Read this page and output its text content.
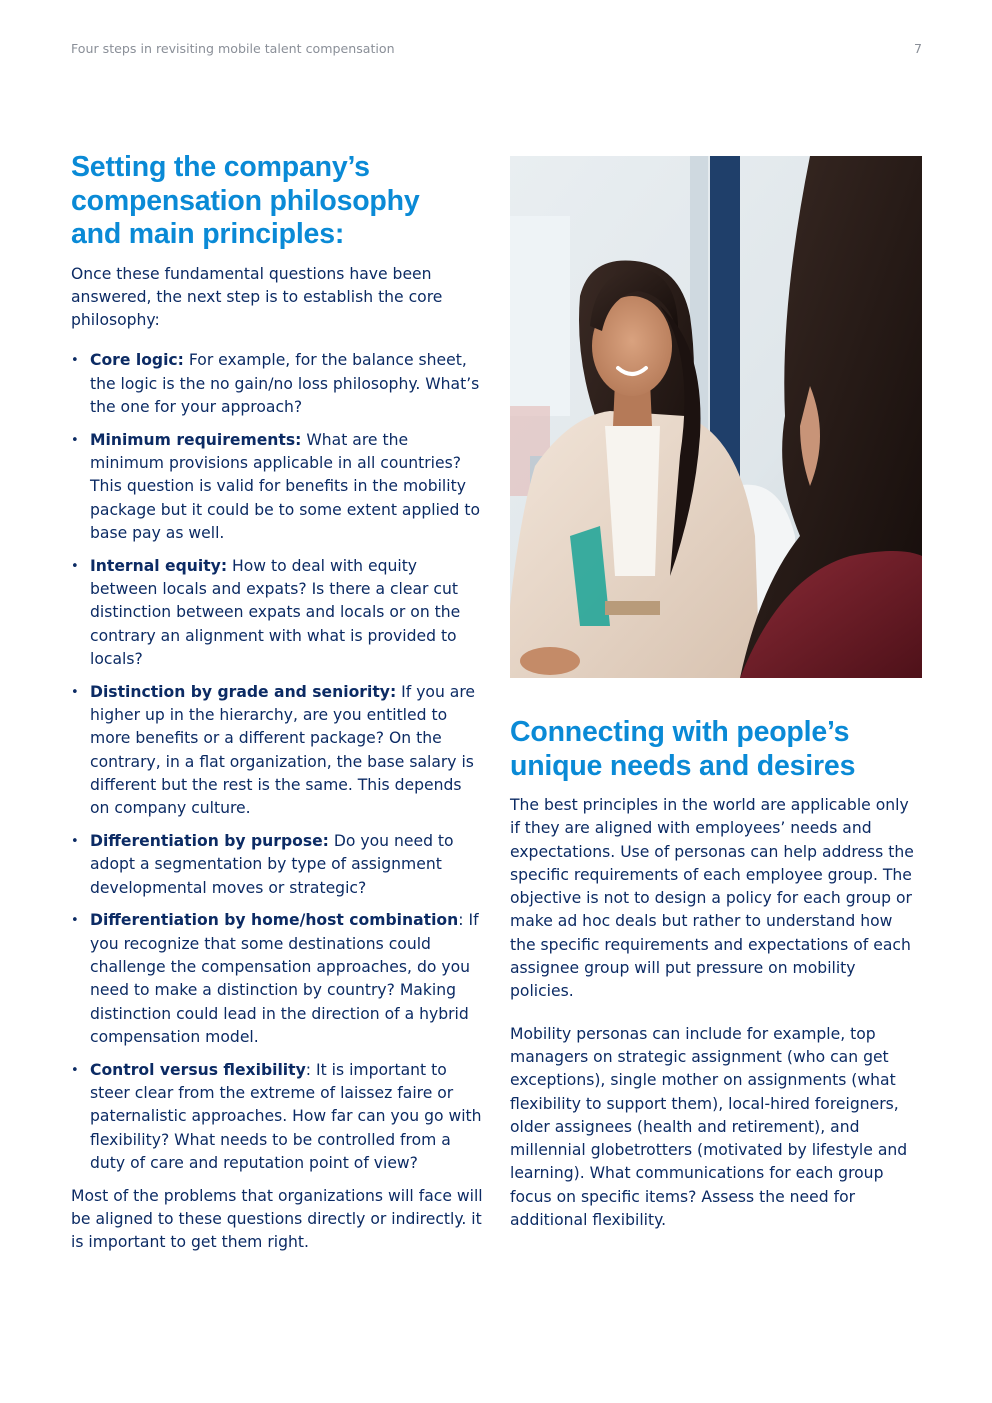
Four steps in revisiting mobile talent compensation	7
Setting the company’s
compensation philosophy
and main principles:

Once these fundamental questions have been answered, the next step is to establish the core philosophy:

• Core logic: For example, for the balance sheet, the logic is the no gain/no loss philosophy. What’s the one for your approach?
• Minimum requirements: What are the minimum provisions applicable in all countries? This question is valid for benefits in the mobility package but it could be to some extent applied to base pay as well.
• Internal equity: How to deal with equity between locals and expats? Is there a clear cut distinction between expats and locals or on the contrary an alignment with what is provided to locals?
• Distinction by grade and seniority: If you are higher up in the hierarchy, are you entitled to more benefits or a different package? On the contrary, in a flat organization, the base salary is different but the rest is the same. This depends on company culture.
• Differentiation by purpose: Do you need to adopt a segmentation by type of assignment developmental moves or strategic?
• Differentiation by home/host combination: If you recognize that some destinations could challenge the compensation approaches, do you need to make a distinction by country? Making distinction could lead in the direction of a hybrid compensation model.
• Control versus flexibility: It is important to steer clear from the extreme of laissez faire or paternalistic approaches. How far can you go with flexibility? What needs to be controlled from a duty of care and reputation point of view?

Most of the problems that organizations will face will be aligned to these questions directly or indirectly. it is important to get them right.

Connecting with people’s
unique needs and desires

The best principles in the world are applicable only if they are aligned with employees’ needs and expectations. Use of personas can help address the specific requirements of each employee group. The objective is not to design a policy for each group or make ad hoc deals but rather to understand how the specific requirements and expectations of each assignee group will put pressure on mobility policies.

Mobility personas can include for example, top managers on strategic assignment (who can get exceptions), single mother on assignments (what flexibility to support them), local-hired foreigners, older assignees (health and retirement), and millennial globetrotters (motivated by lifestyle and learning). What communications for each group focus on specific items? Assess the need for additional flexibility.
